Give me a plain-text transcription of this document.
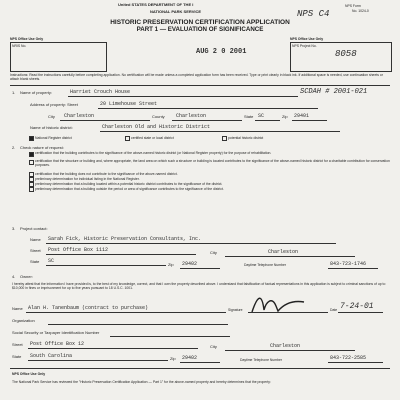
United STATES DEPARTMENT OF THE I
NATIONAL PARK SERVICE
NPS Form
No. 1024-0
NPS C4
HISTORIC PRESERVATION CERTIFICATION APPLICATION
PART 1 — EVALUATION OF SIGNIFICANCE
NPS Office Use Only
NRIS No.
AUG 2 0 2001
NPS Office Use Only
NPS Project No.
8058
Instructions: Read the instructions carefully before completing application. No certification will be made unless a completed application form has been received. Type or print clearly in black ink. If additional space is needed, use continuation sheets or attach blank sheets.
1. Name of property:	Harriet Crouch House	SCDAH # 2001-021
Address of property: Street	20 Limehouse Street
City Charleston	County Charleston	State SC	Zip 29401
Name of historic district:	Charleston Old and Historic District
National Register district	certified state or local district	potential historic district
2. Check nature of request:
certification that the building contributes to the significance of the above-named historic district (or National Register property) for the purpose of rehabilitation.
certification that the structure or building and, where appropriate, the land area on which such a structure or building is located contributes to the significance of the above-named historic district for a charitable contribution for conservation purposes.
certification that the building does not contribute to the significance of the above-named district.
preliminary determination for individual listing in the National Register.
preliminary determination that a building located within a potential historic district contributes to the significance of the district.
preliminary determination that a building outside the period or area of significance contributes to the significance of the district.
3. Project contact:
Name Sarah Fick, Historic Preservation Consultants, Inc.
Street Post Office Box 1112	City	Charleston
State SC
Zip 29402	Daytime Telephone Number	843-723-1746
4. Owner:
I hereby attest that the information I have provided is, to the best of my knowledge, correct, and that I own the property described above. I understand that falsification of factual representations in this application is subject to criminal sanctions of up to $10,000 in fines or imprisonment for up to five years pursuant to 18 U.S.C. 1001.
Name Alan H. Tanenbaum (contract to purchase)	Signature	Date 7-24-01
Organization
Social Security or Taxpayer Identification Number
Street Post Office Box 12	City	Charleston
State South Carolina	Zip 29402	Daytime Telephone Number	843-722-2585
NPS Office Use Only
The National Park Service has reviewed the "Historic Preservation Certification Application — Part 1" for the above-named property and hereby determines that the property:
